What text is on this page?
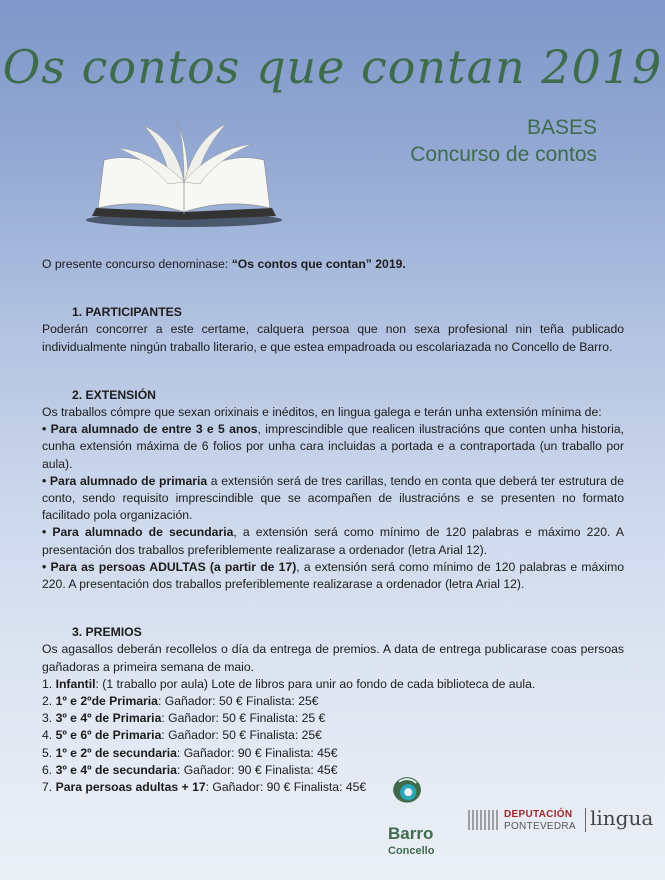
Os contos que contan 2019
BASES
Concurso de contos

O presente concurso denominase: “Os contos que contan” 2019.

1. PARTICIPANTES

Poderán concorrer a este certame, calquera persoa que non sexa profesional nin teña publicado individualmente ningún traballo literario, e que estea empadroada ou escolariazada no Concello de Barro.

2. EXTENSIÓN

Os traballos cómpre que sexan orixinais e inéditos, en lingua galega e terán unha extensión mínima de:

• Para alumnado de entre 3 e 5 anos, imprescindible que realicen ilustracións que conten unha historia, cunha extensión máxima de 6 folios por unha cara incluidas a portada e a contraportada (un traballo por aula).

• Para alumnado de primaria a extensión será de tres carillas, tendo en conta que deberá ter estrutura de conto, sendo requisito imprescindible que se acompañen de ilustracións e se presenten no formato facilitado pola organización.

• Para alumnado de secundaria, a extensión será como mínimo de 120 palabras e máximo 220. A presentación dos traballos preferiblemente realizarase a ordenador (letra Arial 12).

• Para as persoas ADULTAS (a partir de 17), a extensión será como mínimo de 120 palabras e máximo 220. A presentación dos traballos preferiblemente realizarase a ordenador (letra Arial 12).

3. PREMIOS

Os agasallos deberán recollelos o día da entrega de premios. A data de entrega publicarase coas persoas gañadoras a primeira semana de maio.

1. Infantil: (1 traballo por aula) Lote de libros para unir ao fondo de cada biblioteca de aula.

2. 1º e 2ºde Primaria: Gañador: 50 € Finalista: 25€

3. 3º e 4º de Primaria: Gañador: 50 € Finalista: 25 €

4. 5º e 6º de Primaria: Gañador: 50 € Finalista: 25€

5. 1º e 2º de secundaria: Gañador: 90 € Finalista: 45€

6. 3º e 4º de secundaria: Gañador: 90 € Finalista: 45€

7. Para persoas adultas + 17: Gañador: 90 € Finalista: 45€

Barro
Concello
DEPUTACIÓN
PONTEVEDRA lingua
